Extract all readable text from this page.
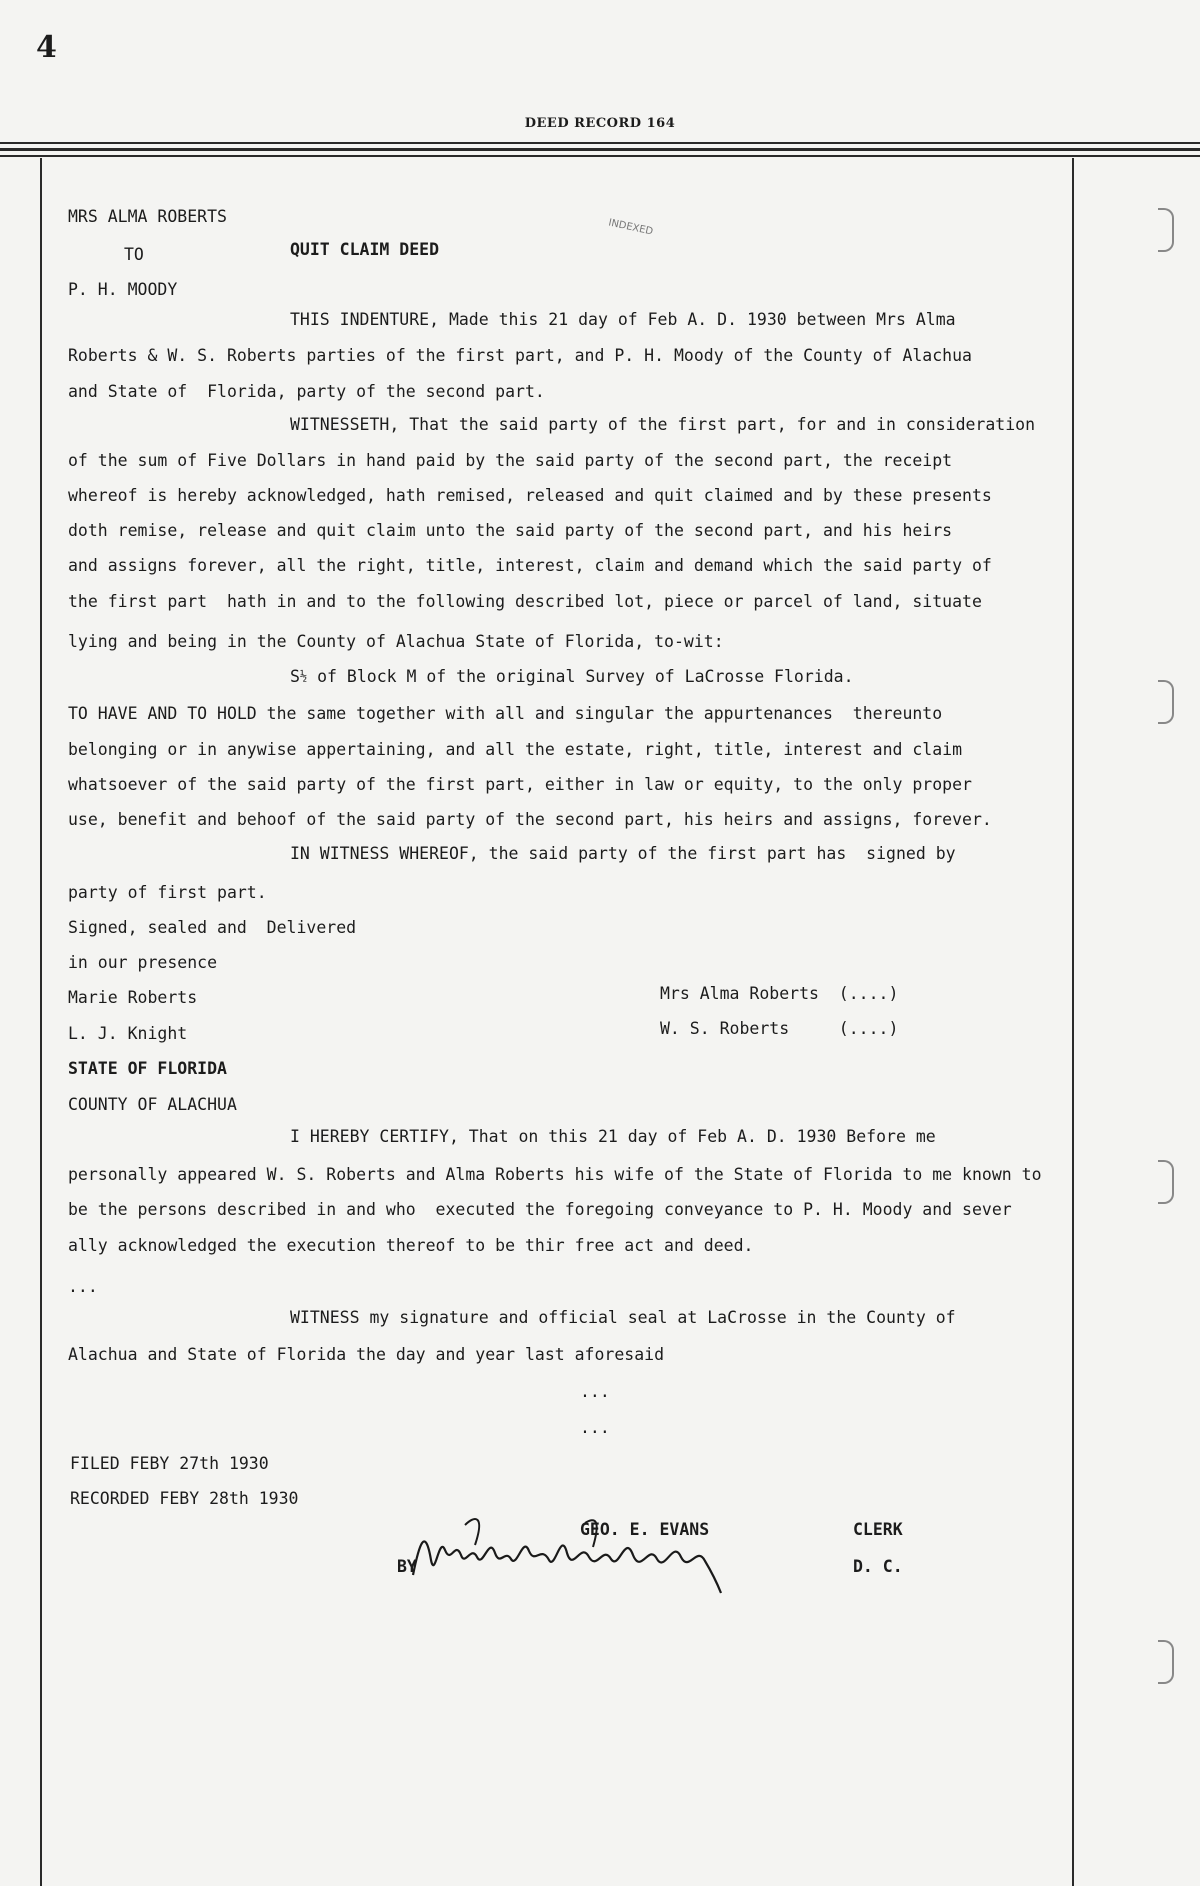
4
DEED RECORD 164
INDEXED
MRS ALMA ROBERTS
TO	QUIT CLAIM DEED
P. H. MOODY
THIS INDENTURE, Made this 21 day of Feb A. D. 1930 between Mrs Alma
Roberts & W. S. Roberts parties of the first part, and P. H. Moody of the County of Alachua
and State of  Florida, party of the second part.
WITNESSETH, That the said party of the first part, for and in consideration
of the sum of Five Dollars in hand paid by the said party of the second part, the receipt
whereof is hereby acknowledged, hath remised, released and quit claimed and by these presents
doth remise, release and quit claim unto the said party of the second part, and his heirs
and assigns forever, all the right, title, interest, claim and demand which the said party of
the first part  hath in and to the following described lot, piece or parcel of land, situate
lying and being in the County of Alachua State of Florida, to-wit:
TO HAVE AND TO HOLD the same together with all and singular the appurtenances  thereunto
belonging or in anywise appertaining, and all the estate, right, title, interest and claim
whatsoever of the said party of the first part, either in law or equity, to the only proper
use, benefit and behoof of the said party of the second part, his heirs and assigns, forever.
IN WITNESS WHEREOF, the said party of the first part has  signed by
party of first part.
Signed, sealed and  Delivered
in our presence
Marie Roberts	Mrs Alma Roberts  (....)
L. J. Knight	W. S. Roberts     (....)
STATE OF FLORIDA
COUNTY OF ALACHUA
I HEREBY CERTIFY, That on this 21 day of Feb A. D. 1930 Before me
personally appeared W. S. Roberts and Alma Roberts his wife of the State of Florida to me known to
be the persons described in and who  executed the foregoing conveyance to P. H. Moody and sever
ally acknowledged the execution thereof to be thir free act and deed.
...
WITNESS my signature and official seal at LaCrosse in the County of
Alachua and State of Florida the day and year last aforesaid
...
...
FILED FEBY 27th 1930
RECORDED FEBY 28th 1930
GEO. E. EVANS	CLERK
BY	D. C.
S½ of Block M of the original Survey of LaCrosse Florida.
